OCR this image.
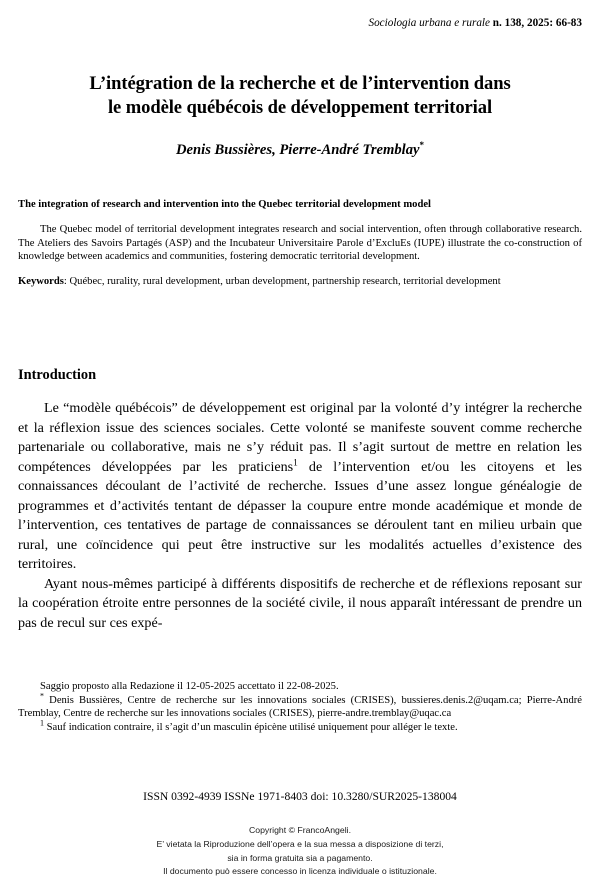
Sociologia urbana e rurale n. 138, 2025: 66-83
L’intégration de la recherche et de l’intervention dans
le modèle québécois de développement territorial
Denis Bussières, Pierre-André Tremblay*

The integration of research and intervention into the Quebec territorial development model

The Quebec model of territorial development integrates research and social intervention, often through collaborative research. The Ateliers des Savoirs Partagés (ASP) and the Incubateur Universitaire Parole d’ExcluEs (IUPE) illustrate the co-construction of knowledge between academics and communities, fostering democratic territorial development.

Keywords: Québec, rurality, rural development, urban development, partnership research, territorial development

Introduction

Le “modèle québécois” de développement est original par la volonté d’y intégrer la recherche et la réflexion issue des sciences sociales. Cette volonté se manifeste souvent comme recherche partenariale ou collaborative, mais ne s’y réduit pas. Il s’agit surtout de mettre en relation les compétences développées par les praticiens$^1$ de l’intervention et/ou les citoyens et les connaissances découlant de l’activité de recherche. Issues d’une assez longue généalogie de programmes et d’activités tentant de dépasser la coupure entre monde académique et monde de l’intervention, ces tentatives de partage de connaissances se déroulent tant en milieu urbain que rural, une coïncidence qui peut être instructive sur les modalités actuelles d’existence des territoires.

Ayant nous-mêmes participé à différents dispositifs de recherche et de réflexions reposant sur la coopération étroite entre personnes de la société civile, il nous apparaît intéressant de prendre un pas de recul sur ces expé-

Saggio proposto alla Redazione il 12-05-2025 accettato il 22-08-2025.

* Denis Bussières, Centre de recherche sur les innovations sociales (CRISES), bussieres.denis.2@uqam.ca; Pierre-André Tremblay, Centre de recherche sur les innovations sociales (CRISES), pierre-andre.tremblay@uqac.ca

$^1$ Sauf indication contraire, il s’agit d’un masculin épicène utilisé uniquement pour alléger le texte.

ISSN 0392-4939 ISSNe 1971-8403 doi: 10.3280/SUR2025-138004
Copyright © FrancoAngeli.
E’ vietata la Riproduzione dell’opera e la sua messa a disposizione di terzi,
sia in forma gratuita sia a pagamento.
Il documento può essere concesso in licenza individuale o istituzionale.
